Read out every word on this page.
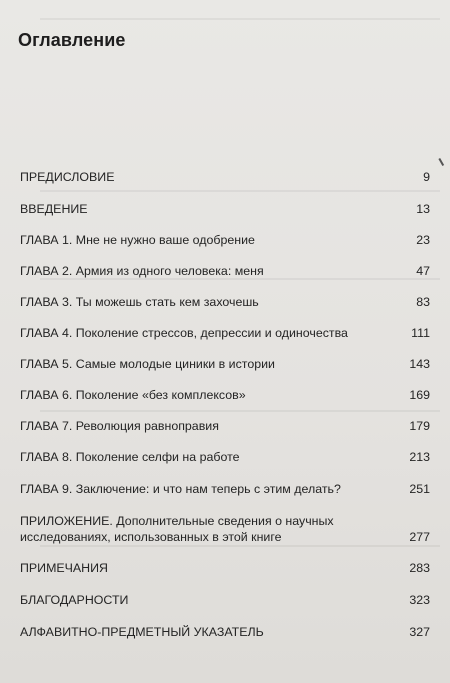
Оглавление
ПРЕДИСЛОВИЕ	9
ВВЕДЕНИЕ	13
ГЛАВА 1. Мне не нужно ваше одобрение	23
ГЛАВА 2. Армия из одного человека: меня	47
ГЛАВА 3. Ты можешь стать кем захочешь	83
ГЛАВА 4. Поколение стрессов, депрессии и одиночества	111
ГЛАВА 5. Самые молодые циники в истории	143
ГЛАВА 6. Поколение «без комплексов»	169
ГЛАВА 7. Революция равноправия	179
ГЛАВА 8. Поколение селфи на работе	213
ГЛАВА 9. Заключение: и что нам теперь с этим делать?	251
ПРИЛОЖЕНИЕ. Дополнительные сведения о научных
исследованиях, использованных в этой книге	277
ПРИМЕЧАНИЯ	283
БЛАГОДАРНОСТИ	323
АЛФАВИТНО-ПРЕДМЕТНЫЙ УКАЗАТЕЛЬ	327
